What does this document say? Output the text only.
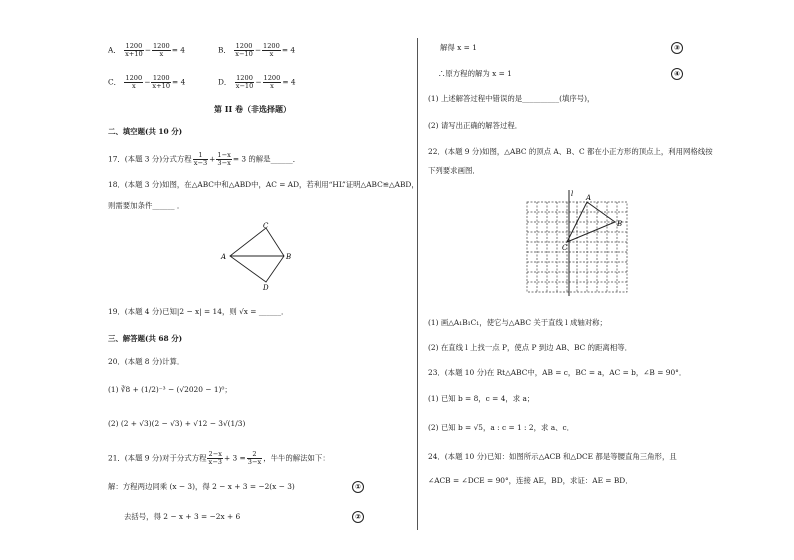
A． $\frac{1200}{x+10} - \frac{1200}{x} = 4$	B． $\frac{1200}{x-10} - \frac{1200}{x} = 4$
C． $\frac{1200}{x} - \frac{1200}{x+10} = 4$	D． $\frac{1200}{x-10} - \frac{1200}{x} = 4$
第 II 卷（非选择题）
二、填空题(共 10 分)
17．(本题 3 分)分式方程 $\frac{1}{x-3} + \frac{1-x}{3-x} = 3$ 的解是______．
18．(本题 3 分)如图，在△ABC中和△ABD中，AC = AD，若利用“HL”证明△ABC≌△ABD，
则需要加条件______ ．
A	B
C
D
19．(本题 4 分)已知|2 − x| = 14，则 √x = ______．
三、解答题(共 68 分)
20．(本题 8 分)计算．
(1) ∛8 + (1/2)⁻³ − (√2020 − 1)⁰；
(2) (2 + √3)(2 − √3) + √12 − 3√(1/3)
21．(本题 9 分)对于分式方程 $\frac{2-x}{x-3} + 3 = \frac{2}{3-x}$ ，牛牛的解法如下：
解：方程两边同乘 (x − 3)，得 2 − x + 3 = −2(x − 3)	①
去括号，得 2 − x + 3 = −2x + 6	②
解得 x = 1	③
∴原方程的解为 x = 1	④
(1) 上述解答过程中错误的是__________(填序号)，
(2) 请写出正确的解答过程．
22．(本题 9 分)如图，△ABC 的顶点 A、B、C 都在小正方形的顶点上，利用网格线按
下列要求画图．
l A
B
C
(1) 画△A₁B₁C₁，使它与△ABC 关于直线 l 成轴对称；
(2) 在直线 l 上找一点 P，使点 P 到边 AB、BC 的距离相等．
23．(本题 10 分)在 Rt△ABC中，AB = c，BC = a，AC = b，∠B = 90°．
(1) 已知 b = 8，c = 4，求 a；
(2) 已知 b = √5，a : c = 1 : 2，求 a、c．
24．(本题 10 分)已知：如图所示△ACB 和△DCE 都是等腰直角三角形，且
∠ACB = ∠DCE = 90°，连接 AE，BD，求证：AE = BD．
